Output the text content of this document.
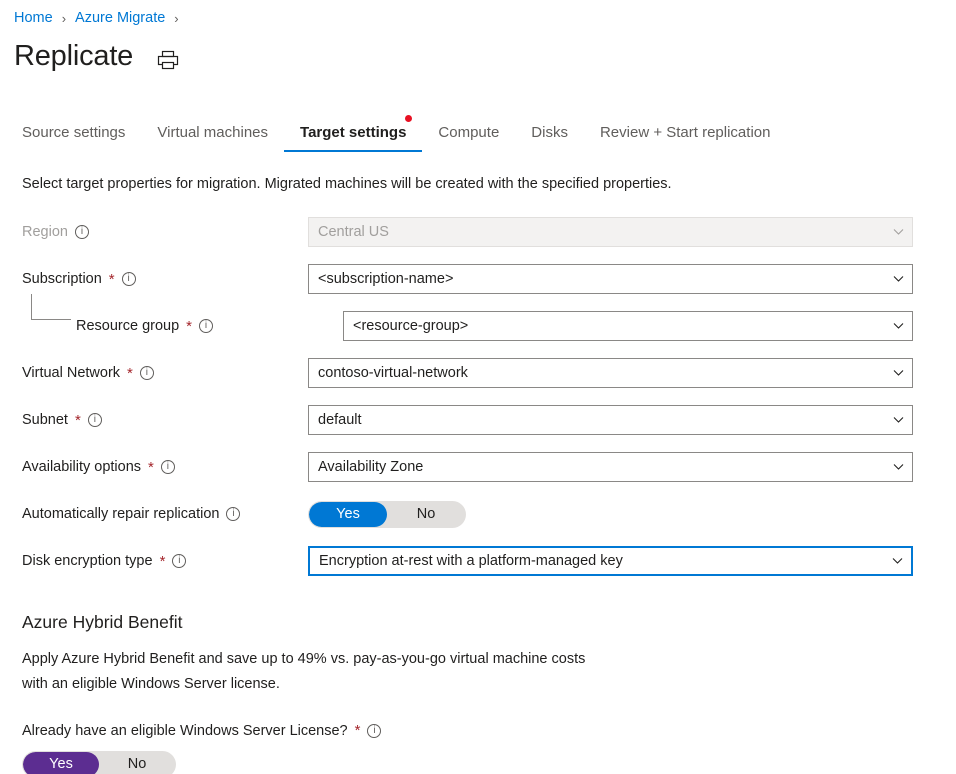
Home › Azure Migrate ›
Replicate
Source settings	Virtual machines	Target settings	Compute	Disks	Review + Start replication
Select target properties for migration. Migrated machines will be created with the specified properties.
Region	i	Central US
Subscription *	i	<subscription-name>
Resource group *	i	<resource-group>
Virtual Network *	i	contoso-virtual-network
Subnet *	i	default
Availability options *	i	Availability Zone
Automatically repair replication	i	Yes	No
Disk encryption type *	i	Encryption at-rest with a platform-managed key
Azure Hybrid Benefit
Apply Azure Hybrid Benefit and save up to 49% vs. pay-as-you-go virtual machine costs
with an eligible Windows Server license.
Already have an eligible Windows Server License? *	i
Yes	No
